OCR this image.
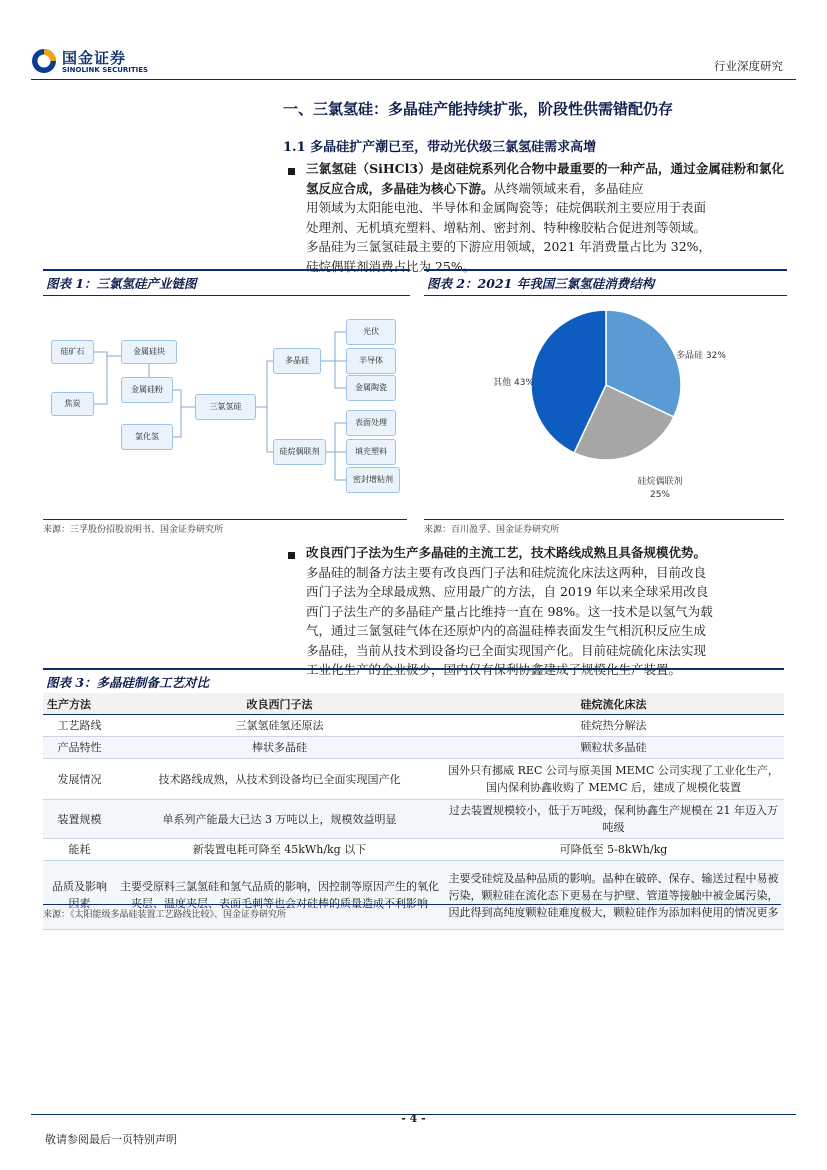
国金证券
SINOLINK SECURITIES	行业深度研究
一、三氯氢硅：多晶硅产能持续扩张，阶段性供需错配仍存
1.1 多晶硅扩产潮已至，带动光伏级三氯氢硅需求高增
三氯氢硅（SiHCl3）是卤硅烷系列化合物中最重要的一种产品，通过金属硅粉和氯化氢反应合成，多晶硅为核心下游。从终端领域来看，多晶硅应
用领域为太阳能电池、半导体和金属陶瓷等；硅烷偶联剂主要应用于表面
处理剂、无机填充塑料、增粘剂、密封剂、特种橡胶粘合促进剂等领域。
多晶硅为三氯氢硅最主要的下游应用领域，2021 年消费量占比为 32%，
硅烷偶联剂消费占比为 25%。
图表 1：三氯氢硅产业链图
硅矿石
焦炭
金属硅块
金属硅粉
氯化氢
三氯氢硅
多晶硅
硅烷偶联剂
光伏
半导体
金属陶瓷
表面处理
填充塑料
密封增粘剂
来源：三孚股份招股说明书、国金证券研究所
图表 2：2021 年我国三氯氢硅消费结构
多晶硅 32%
硅烷偶联剂
25%
其他 43%
来源：百川盈孚、国金证券研究所
改良西门子法为生产多晶硅的主流工艺，技术路线成熟且具备规模优势。
多晶硅的制备方法主要有改良西门子法和硅烷流化床法这两种，目前改良
西门子法为全球最成熟、应用最广的方法，自 2019 年以来全球采用改良
西门子法生产的多晶硅产量占比维持一直在 98%。这一技术是以氢气为载
气，通过三氯氢硅气体在还原炉内的高温硅棒表面发生气相沉积反应生成
多晶硅，当前从技术到设备均已全面实现国产化。目前硅烷硫化床法实现
工业化生产的企业极少，国内仅有保利协鑫建成了规模化生产装置。
图表 3：多晶硅制备工艺对比
生产方法	改良西门子法	硅烷流化床法
工艺路线	三氯氢硅氢还原法	硅烷热分解法
产品特性	棒状多晶硅	颗粒状多晶硅
发展情况	技术路线成熟，从技术到设备均已全面实现国产化	国外只有挪威 REC 公司与原美国 MEMC 公司实现了工业化生产，国内保利协鑫收购了 MEMC 后，建成了规模化装置
装置规模	单系列产能最大已达 3 万吨以上，规模效益明显	过去装置规模较小，低于万吨级，保利协鑫生产规模在 21 年迈入万吨级
能耗	新装置电耗可降至 45kWh/kg 以下	可降低至 5-8kWh/kg
品质及影响因素	主要受原料三氯氢硅和氢气品质的影响，因控制等原因产生的氧化夹层、温度夹层、表面毛刺等也会对硅棒的质量造成不利影响	主要受硅烷及晶种品质的影响。晶种在破碎、保存、输送过程中易被污染，颗粒硅在流化态下更易在与护壁、管道等接触中被金属污染，因此得到高纯度颗粒硅难度极大，颗粒硅作为添加料使用的情况更多
来源：《太阳能级多晶硅装置工艺路线比较》、国金证券研究所
- 4 -
敬请参阅最后一页特别声明
